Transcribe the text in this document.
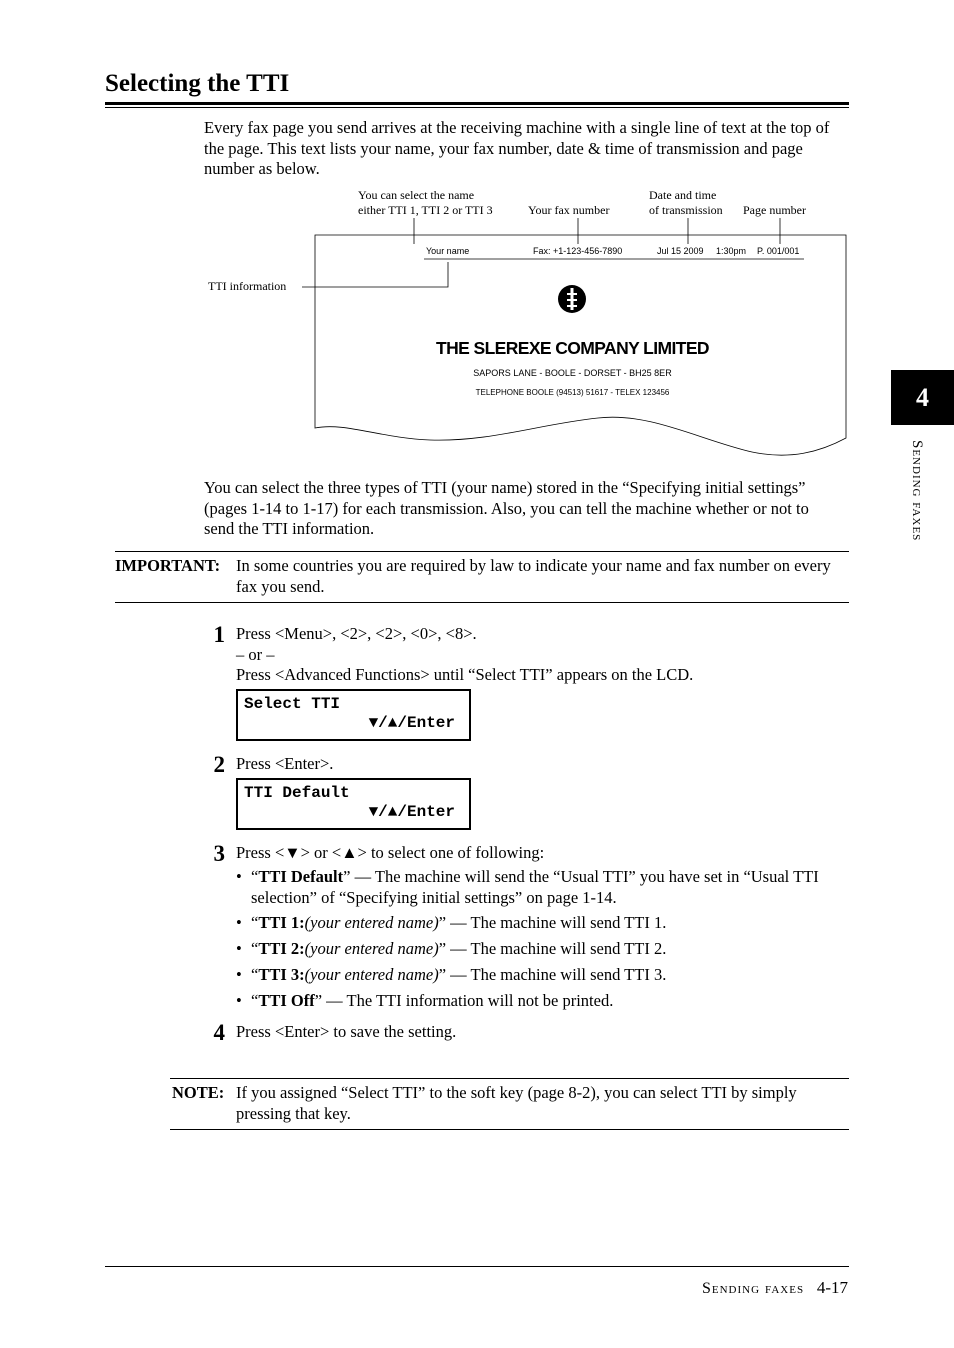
Selecting the TTI
Every fax page you send arrives at the receiving machine with a single line of text at the top of the page. This text lists your name, your fax number, date & time of transmission and page number as below.
You can select the name
either TTI 1, TTI 2 or TTI 3	Your fax number
Date and time
of transmission Page number
TTI information
Your name	Fax: +1-123-456-7890	Jul 15 2009 1:30pm P. 001/001
THE SLEREXE COMPANY LIMITED
SAPORS LANE - BOOLE - DORSET - BH25 8ER
TELEPHONE BOOLE (94513) 51617 - TELEX 123456
You can select the three types of TTI (your name) stored in the “Specifying initial settings” (pages 1-14 to 1-17) for each transmission. Also, you can tell the machine whether or not to send the TTI information.
IMPORTANT: In some countries you are required by law to indicate your name and fax number on every fax you send.
1 Press <Menu>, <2>, <2>, <0>, <8>.
– or –
Press <Advanced Functions> until “Select TTI” appears on the LCD.
Select TTI
▼/▲/Enter
2 Press <Enter>.
TTI Default
▼/▲/Enter
3 Press <▼> or <▲> to select one of following:
• “TTI Default” — The machine will send the “Usual TTI” you have set in “Usual TTI selection” of “Specifying initial settings” on page 1-14.
• “TTI 1:(your entered name)” — The machine will send TTI 1.
• “TTI 2:(your entered name)” — The machine will send TTI 2.
• “TTI 3:(your entered name)” — The machine will send TTI 3.
• “TTI Off” — The TTI information will not be printed.
4 Press <Enter> to save the setting.
NOTE: If you assigned “Select TTI” to the soft key (page 8-2), you can select TTI by simply pressing that key.
4
Sending faxes
Sending faxes 4-17
